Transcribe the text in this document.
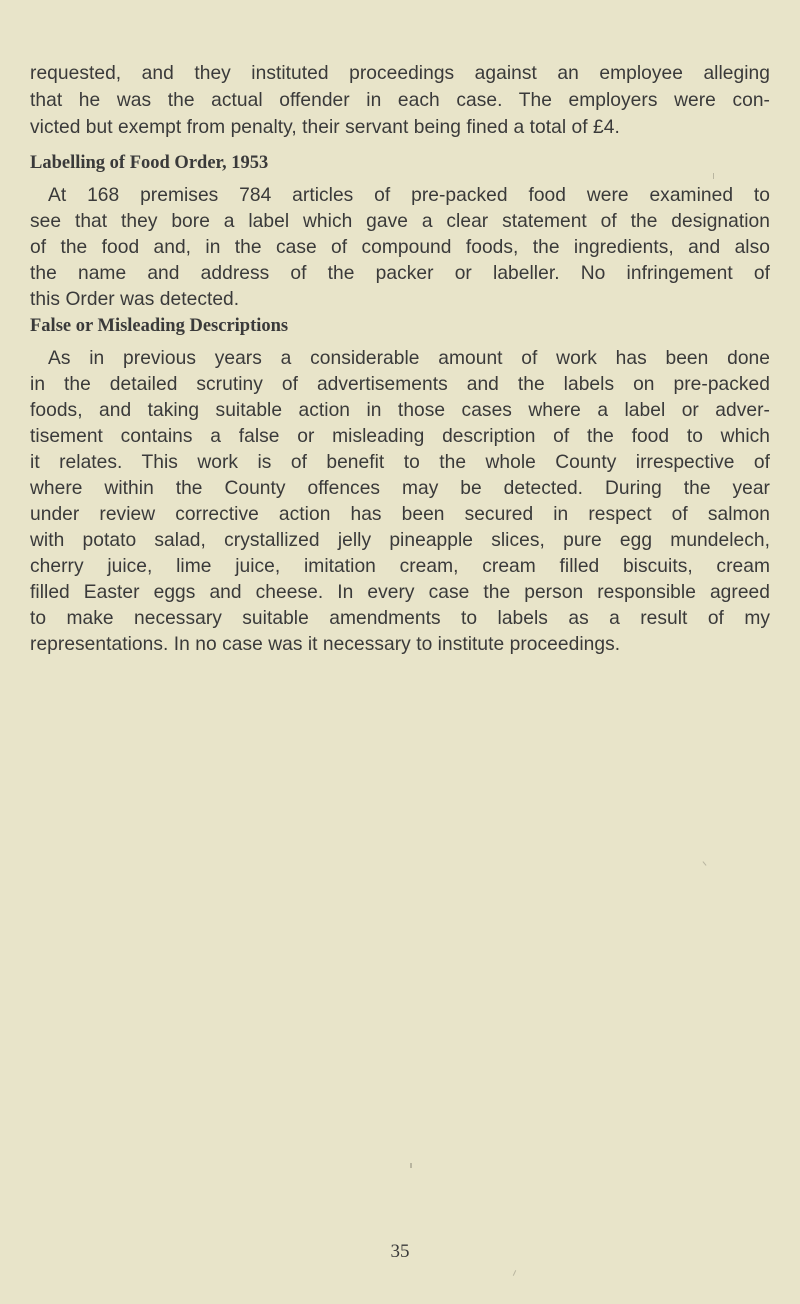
requested, and they instituted proceedings against an employee alleging
that he was the actual offender in each case. The employers were con-
victed but exempt from penalty, their servant being fined a total of £4.
Labelling of Food Order, 1953
At 168 premises 784 articles of pre-packed food were examined to
see that they bore a label which gave a clear statement of the designation
of the food and, in the case of compound foods, the ingredients, and also
the name and address of the packer or labeller. No infringement of
this Order was detected.
False or Misleading Descriptions
As in previous years a considerable amount of work has been done
in the detailed scrutiny of advertisements and the labels on pre-packed
foods, and taking suitable action in those cases where a label or adver-
tisement contains a false or misleading description of the food to which
it relates. This work is of benefit to the whole County irrespective of
where within the County offences may be detected. During the year
under review corrective action has been secured in respect of salmon
with potato salad, crystallized jelly pineapple slices, pure egg mundelech,
cherry juice, lime juice, imitation cream, cream filled biscuits, cream
filled Easter eggs and cheese. In every case the person responsible agreed
to make necessary suitable amendments to labels as a result of my
representations. In no case was it necessary to institute proceedings.
35
